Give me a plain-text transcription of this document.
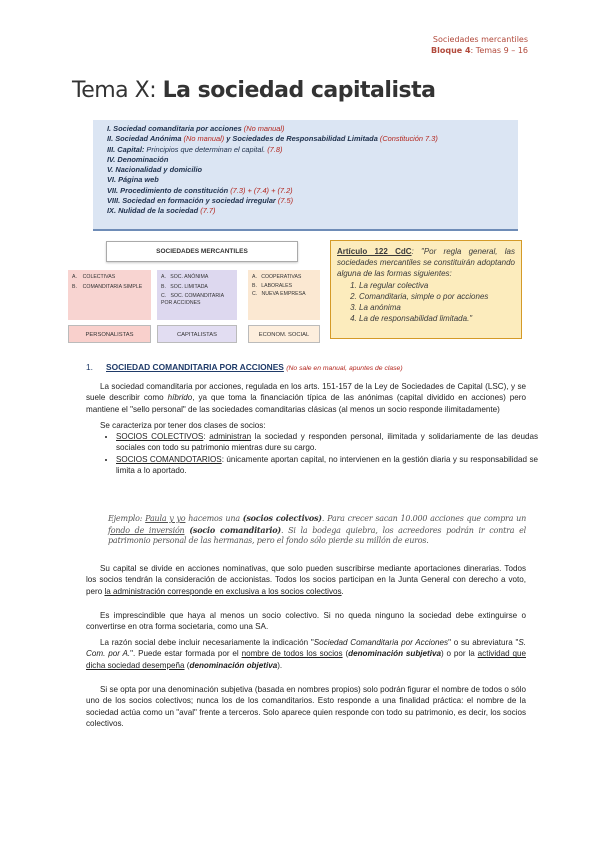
Sociedades mercantiles
Bloque 4: Temas 9 – 16
Tema X: La sociedad capitalista
I. Sociedad comanditaria por acciones (No manual)
II. Sociedad Anónima (No manual) y Sociedades de Responsabilidad Limitada (Constitución 7.3)
III. Capital: Principios que determinan el capital. (7.8)
IV. Denominación
V. Nacionalidad y domicilio
VI. Página web
VII. Procedimiento de constitución (7.3) + (7.4) + (7.2)
VIII. Sociedad en formación y sociedad irregular (7.5)
IX. Nulidad de la sociedad (7.7)
SOCIEDADES MERCANTILES
A. COLECTIVAS
B. COMANDITARIA SIMPLE
A. SOC. ANÓNIMA
B. SOC. LIMITADA
C. SOC. COMANDITARIA POR ACCIONES
A. COOPERATIVAS
B. LABORALES
C. NUEVA EMPRESA
PERSONALISTAS	CAPITALISTAS	ECONOM. SOCIAL
Artículo 122 CdC: "Por regla general, las sociedades mercantiles se constituirán adoptando alguna de las formas siguientes:
1. La regular colectiva
2. Comanditaria, simple o por acciones
3. La anónima
4. La de responsabilidad limitada."
1. SOCIEDAD COMANDITARIA POR ACCIONES (No sale en manual, apuntes de clase)

La sociedad comanditaria por acciones, regulada en los arts. 151-157 de la Ley de Sociedades de Capital (LSC), y se suele describir como híbrido, ya que toma la financiación típica de las anónimas (capital dividido en acciones) pero mantiene el "sello personal" de las sociedades comanditarias clásicas (al menos un socio responde ilimitadamente)

Se caracteriza por tener dos clases de socios:

• SOCIOS COLECTIVOS: administran la sociedad y responden personal, ilimitada y solidariamente de las deudas sociales con todo su patrimonio mientras dure su cargo.
• SOCIOS COMANDOTARIOS: únicamente aportan capital, no intervienen en la gestión diaria y su responsabilidad se limita a lo aportado.
Ejemplo: Paula y yo hacemos una (socios colectivos). Para crecer sacan 10.000 acciones que compra un fondo de inversión (socio comanditario). Si la bodega quiebra, los acreedores podrán ir contra el patrimonio personal de las hermanas, pero el fondo sólo pierde su millón de euros.

Su capital se divide en acciones nominativas, que solo pueden suscribirse mediante aportaciones dinerarias. Todos los socios tendrán la consideración de accionistas. Todos los socios participan en la Junta General con derecho a voto, pero la administración corresponde en exclusiva a los socios colectivos.

Es imprescindible que haya al menos un socio colectivo. Si no queda ninguno la sociedad debe extinguirse o convertirse en otra forma societaria, como una SA.

La razón social debe incluir necesariamente la indicación "Sociedad Comanditaria por Acciones" o su abreviatura "S. Com. por A.". Puede estar formada por el nombre de todos los socios (denominación subjetiva) o por la actividad que dicha sociedad desempeña (denominación objetiva).

Si se opta por una denominación subjetiva (basada en nombres propios) solo podrán figurar el nombre de todos o sólo uno de los socios colectivos; nunca los de los comanditarios. Esto responde a una finalidad práctica: el nombre de la sociedad actúa como un "aval" frente a terceros. Solo aparece quien responde con todo su patrimonio, es decir, los socios colectivos.
